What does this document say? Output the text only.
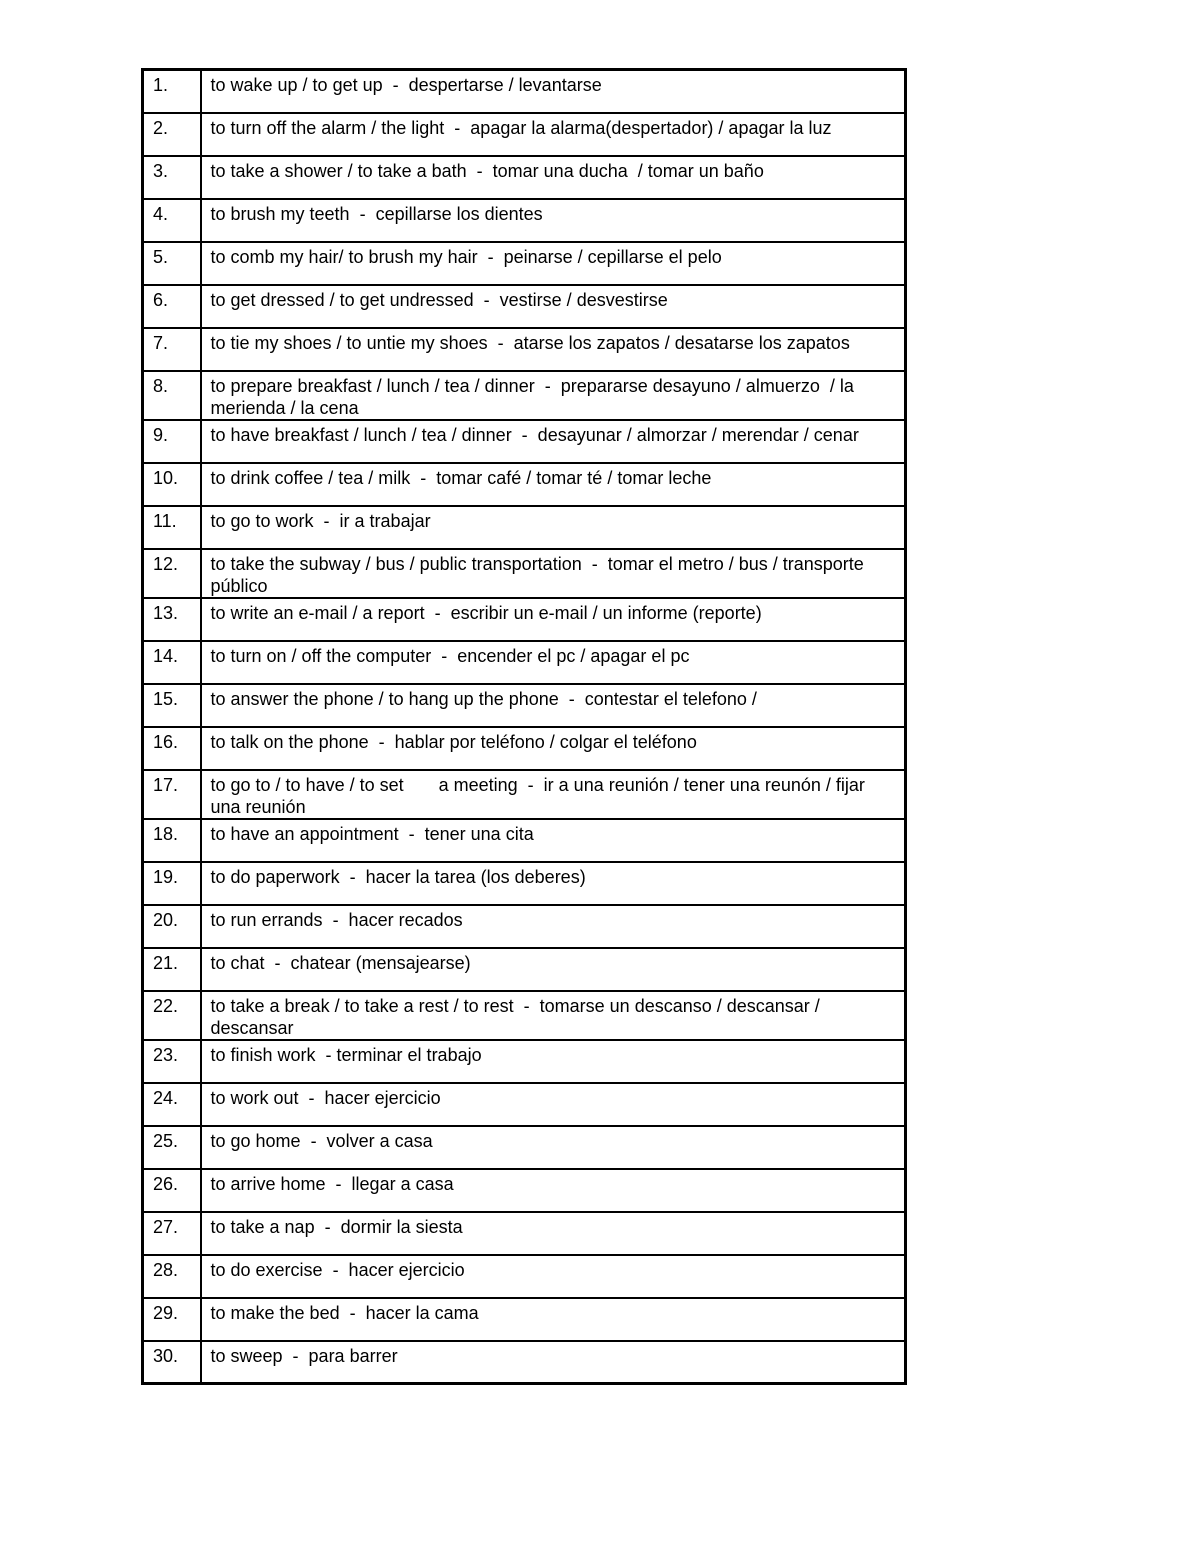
1.	to wake up / to get up  -  despertarse / levantarse
2.	to turn off the alarm / the light  -  apagar la alarma(despertador) / apagar la luz
3.	to take a shower / to take a bath  -  tomar una ducha  / tomar un baño
4.	to brush my teeth  -  cepillarse los dientes
5.	to comb my hair/ to brush my hair  -  peinarse / cepillarse el pelo
6.	to get dressed / to get undressed  -  vestirse / desvestirse
7.	to tie my shoes / to untie my shoes  -  atarse los zapatos / desatarse los zapatos
8.	to prepare breakfast / lunch / tea / dinner  -  prepararse desayuno / almuerzo  / la merienda / la cena
9.	to have breakfast / lunch / tea / dinner  -  desayunar / almorzar / merendar / cenar
10.	to drink coffee / tea / milk  -  tomar café / tomar té / tomar leche
11.	to go to work  -  ir a trabajar
12.	to take the subway / bus / public transportation  -  tomar el metro / bus / transporte público
13.	to write an e-mail / a report  -  escribir un e-mail / un informe (reporte)
14.	to turn on / off the computer  -  encender el pc / apagar el pc
15.	to answer the phone / to hang up the phone  -  contestar el telefono /
16.	to talk on the phone  -  hablar por teléfono / colgar el teléfono
17.	to go to / to have / to set       a meeting  -  ir a una reunión / tener una reunón / fijar una reunión
18.	to have an appointment  -  tener una cita
19.	to do paperwork  -  hacer la tarea (los deberes)
20.	to run errands  -  hacer recados
21.	to chat  -  chatear (mensajearse)
22.	to take a break / to take a rest / to rest  -  tomarse un descanso / descansar / descansar
23.	to finish work  - terminar el trabajo
24.	to work out  -  hacer ejercicio
25.	to go home  -  volver a casa
26.	to arrive home  -  llegar a casa
27.	to take a nap  -  dormir la siesta
28.	to do exercise  -  hacer ejercicio
29.	to make the bed  -  hacer la cama
30.	to sweep  -  para barrer
